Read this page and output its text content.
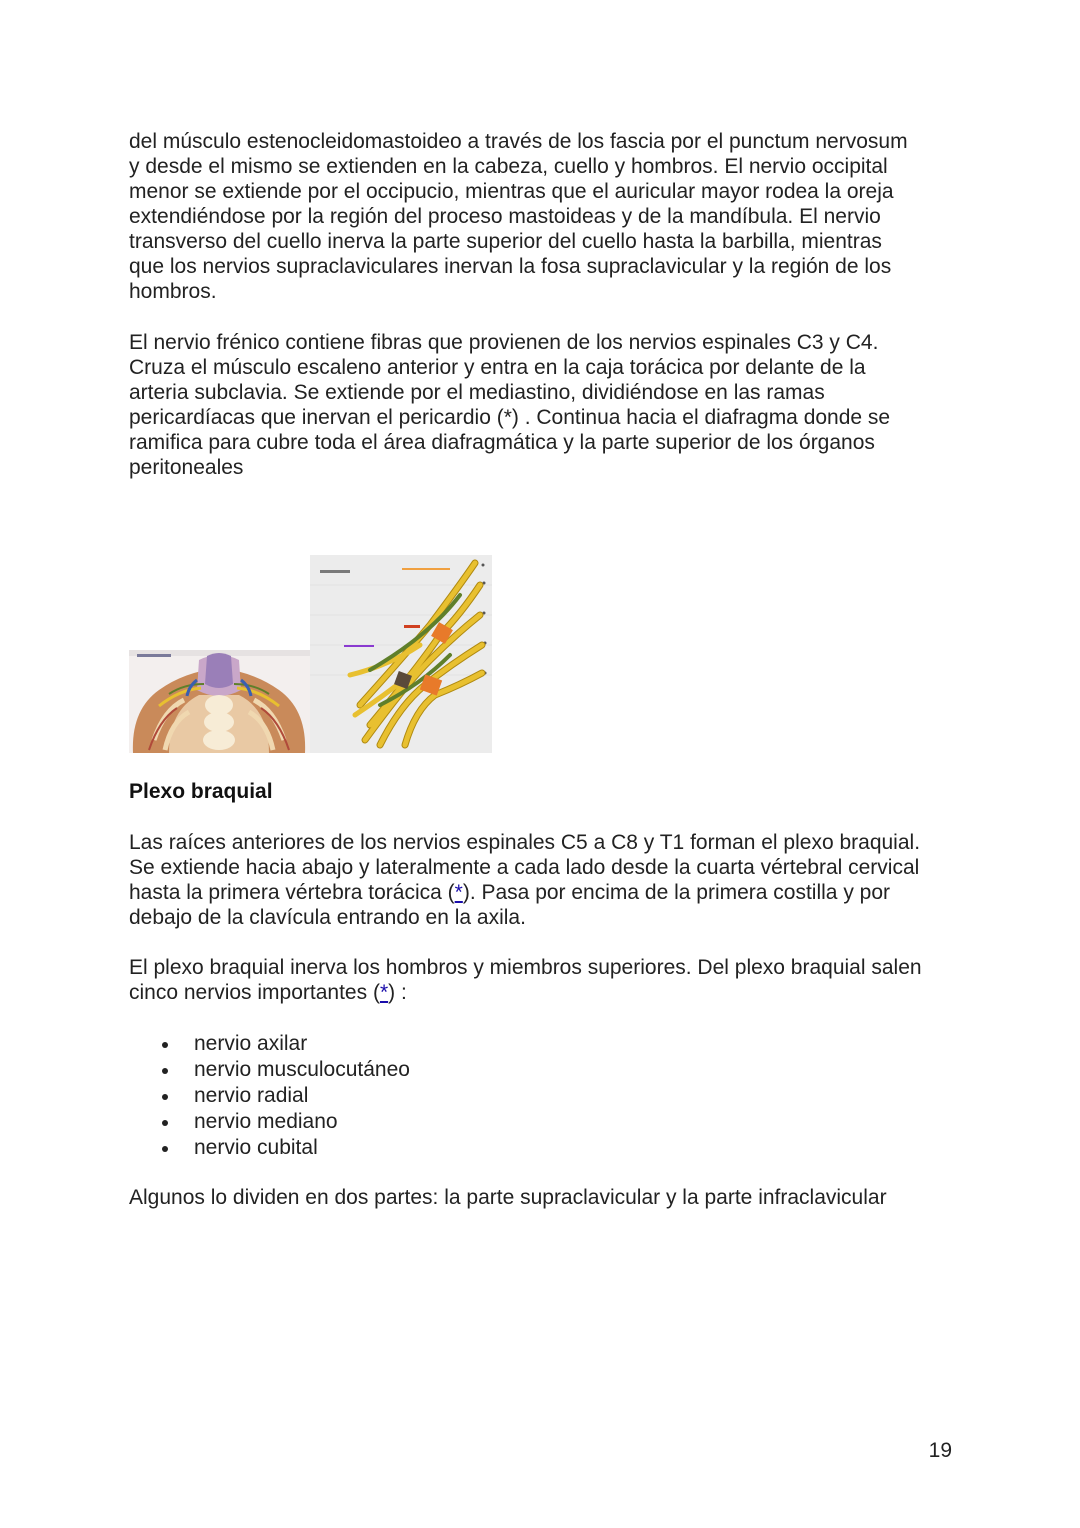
del músculo estenocleidomastoideo a través de los fascia por el punctum nervosum
y desde el mismo se extienden en la cabeza, cuello y hombros. El nervio occipital
menor se extiende por el occipucio, mientras que el auricular mayor rodea la oreja
extendiéndose por la región del proceso mastoideas y de la mandíbula. El nervio
transverso del cuello inerva la parte superior del cuello hasta la barbilla, mientras
que los nervios supraclaviculares inervan la fosa supraclavicular y la región de los
hombros.
El nervio frénico contiene fibras que provienen de los nervios espinales C3 y C4.
Cruza el músculo escaleno anterior y entra en la caja torácica por delante de la
arteria subclavia. Se extiende por el mediastino, dividiéndose en las ramas
pericardíacas que inervan el pericardio (*) . Continua hacia el diafragma donde se
ramifica para cubre toda el área diafragmática y la parte superior de los órganos
peritoneales
Plexo braquial
Las raíces anteriores de los nervios espinales C5 a C8 y T1 forman el plexo braquial.
Se extiende hacia abajo y lateralmente a cada lado desde la cuarta vértebral cervical
hasta la primera vértebra torácica (*). Pasa por encima de la primera costilla y por
debajo de la clavícula entrando en la axila.
El plexo braquial inerva los hombros y miembros superiores. Del plexo braquial salen
cinco nervios importantes (*) :
nervio axilar
nervio musculocutáneo
nervio radial
nervio mediano
nervio cubital
Algunos lo dividen en dos partes: la parte supraclavicular y la parte infraclavicular
19
